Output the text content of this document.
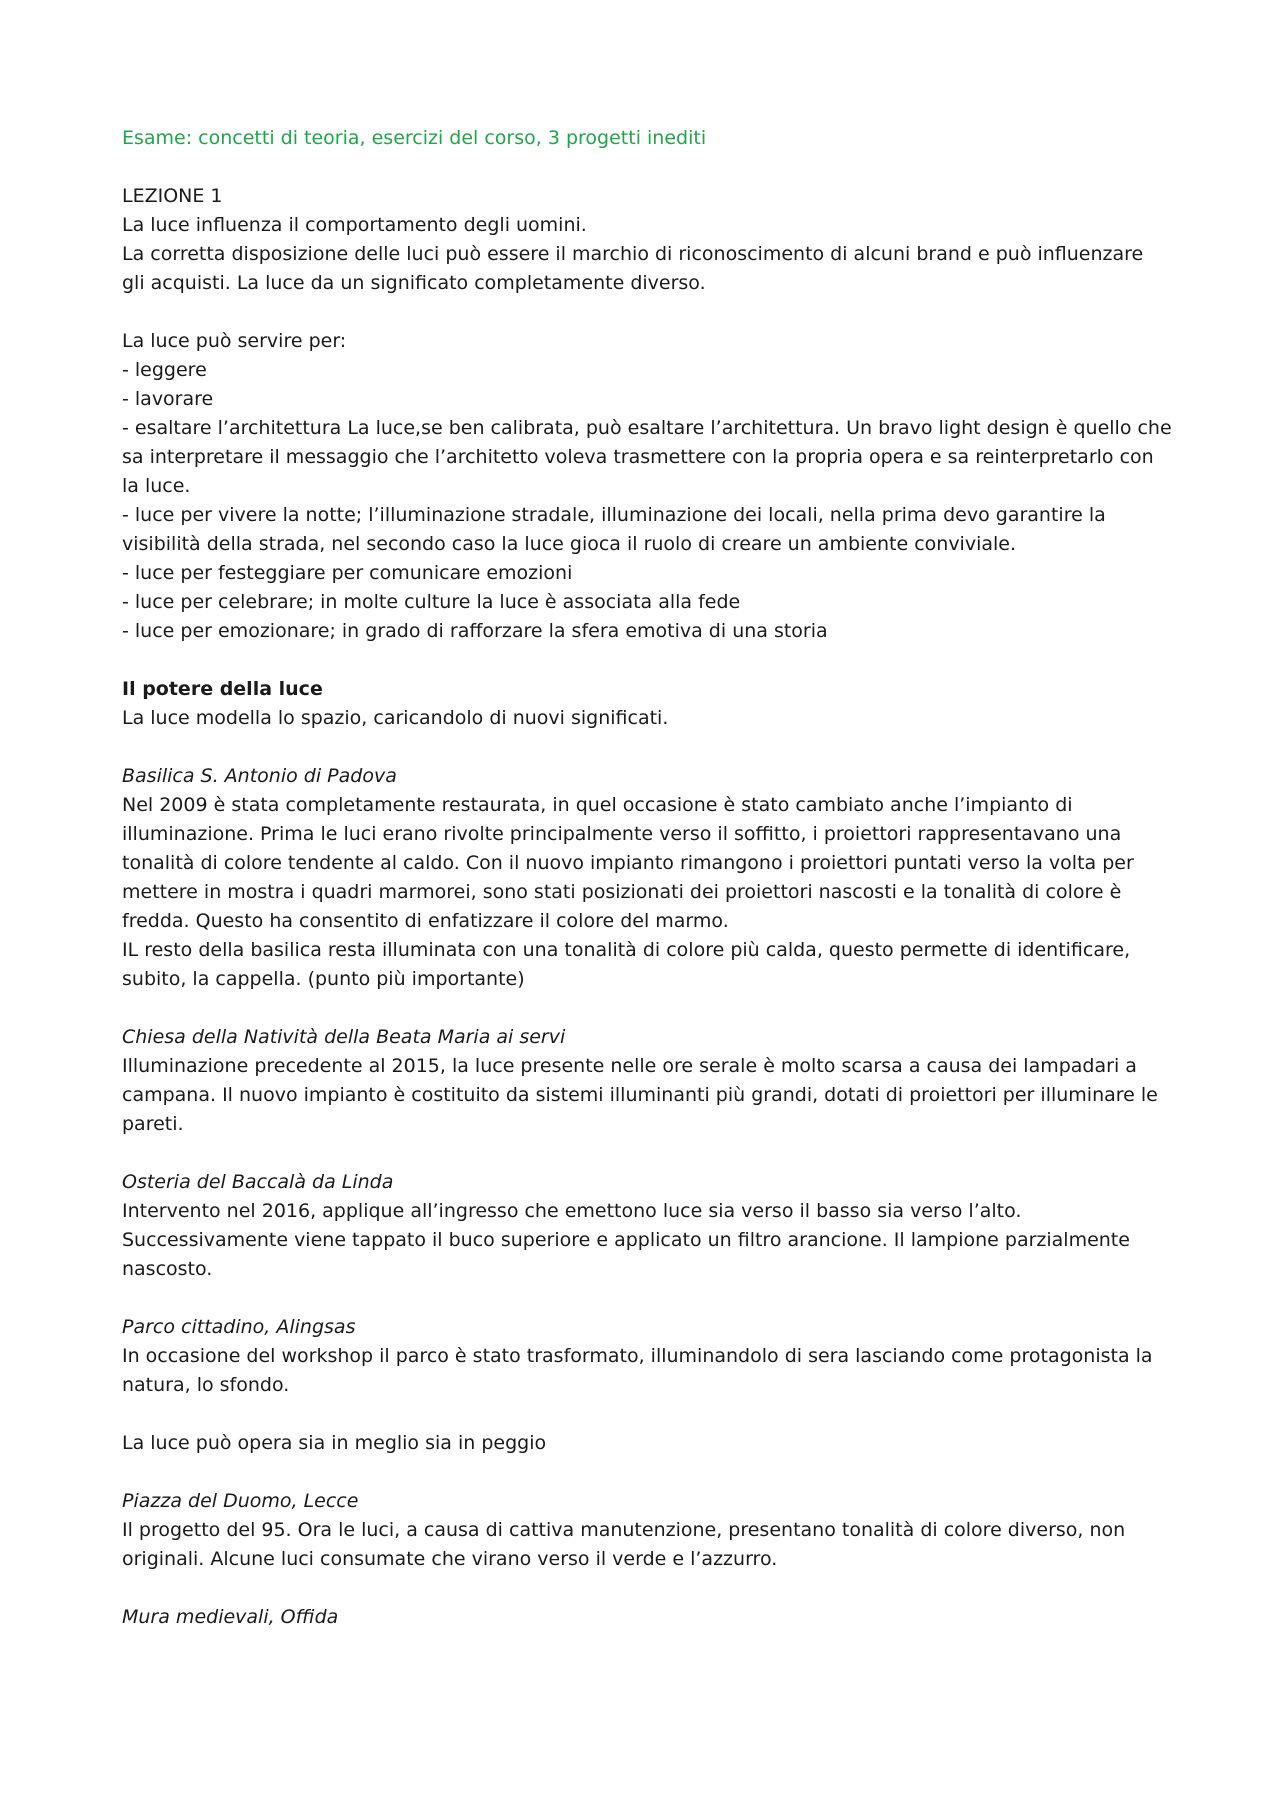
Esame: concetti di teoria, esercizi del corso, 3 progetti inediti
LEZIONE 1
La luce influenza il comportamento degli uomini.
La corretta disposizione delle luci può essere il marchio di riconoscimento di alcuni brand e può influenzare
gli acquisti. La luce da un significato completamente diverso.
La luce può servire per:
- leggere
- lavorare
- esaltare l’architettura La luce,se ben calibrata, può esaltare l’architettura. Un bravo light design è quello che
sa interpretare il messaggio che l’architetto voleva trasmettere con la propria opera e sa reinterpretarlo con
la luce.
- luce per vivere la notte; l’illuminazione stradale, illuminazione dei locali, nella prima devo garantire la
visibilità della strada, nel secondo caso la luce gioca il ruolo di creare un ambiente conviviale.
- luce per festeggiare per comunicare emozioni
- luce per celebrare; in molte culture la luce è associata alla fede
- luce per emozionare; in grado di rafforzare la sfera emotiva di una storia
Il potere della luce
La luce modella lo spazio, caricandolo di nuovi significati.
Basilica S. Antonio di Padova
Nel 2009 è stata completamente restaurata, in quel occasione è stato cambiato anche l’impianto di
illuminazione. Prima le luci erano rivolte principalmente verso il soffitto, i proiettori rappresentavano una
tonalità di colore tendente al caldo. Con il nuovo impianto rimangono i proiettori puntati verso la volta per
mettere in mostra i quadri marmorei, sono stati posizionati dei proiettori nascosti e la tonalità di colore è
fredda. Questo ha consentito di enfatizzare il colore del marmo.
IL resto della basilica resta illuminata con una tonalità di colore più calda, questo permette di identificare,
subito, la cappella. (punto più importante)
Chiesa della Natività della Beata Maria ai servi
Illuminazione precedente al 2015, la luce presente nelle ore serale è molto scarsa a causa dei lampadari a
campana. Il nuovo impianto è costituito da sistemi illuminanti più grandi, dotati di proiettori per illuminare le
pareti.
Osteria del Baccalà da Linda
Intervento nel 2016, applique all’ingresso che emettono luce sia verso il basso sia verso l’alto.
Successivamente viene tappato il buco superiore e applicato un filtro arancione. Il lampione parzialmente
nascosto.
Parco cittadino, Alingsas
In occasione del workshop il parco è stato trasformato, illuminandolo di sera lasciando come protagonista la
natura, lo sfondo.
La luce può opera sia in meglio sia in peggio
Piazza del Duomo, Lecce
Il progetto del 95. Ora le luci, a causa di cattiva manutenzione, presentano tonalità di colore diverso, non
originali. Alcune luci consumate che virano verso il verde e l’azzurro.
Mura medievali, Offida
